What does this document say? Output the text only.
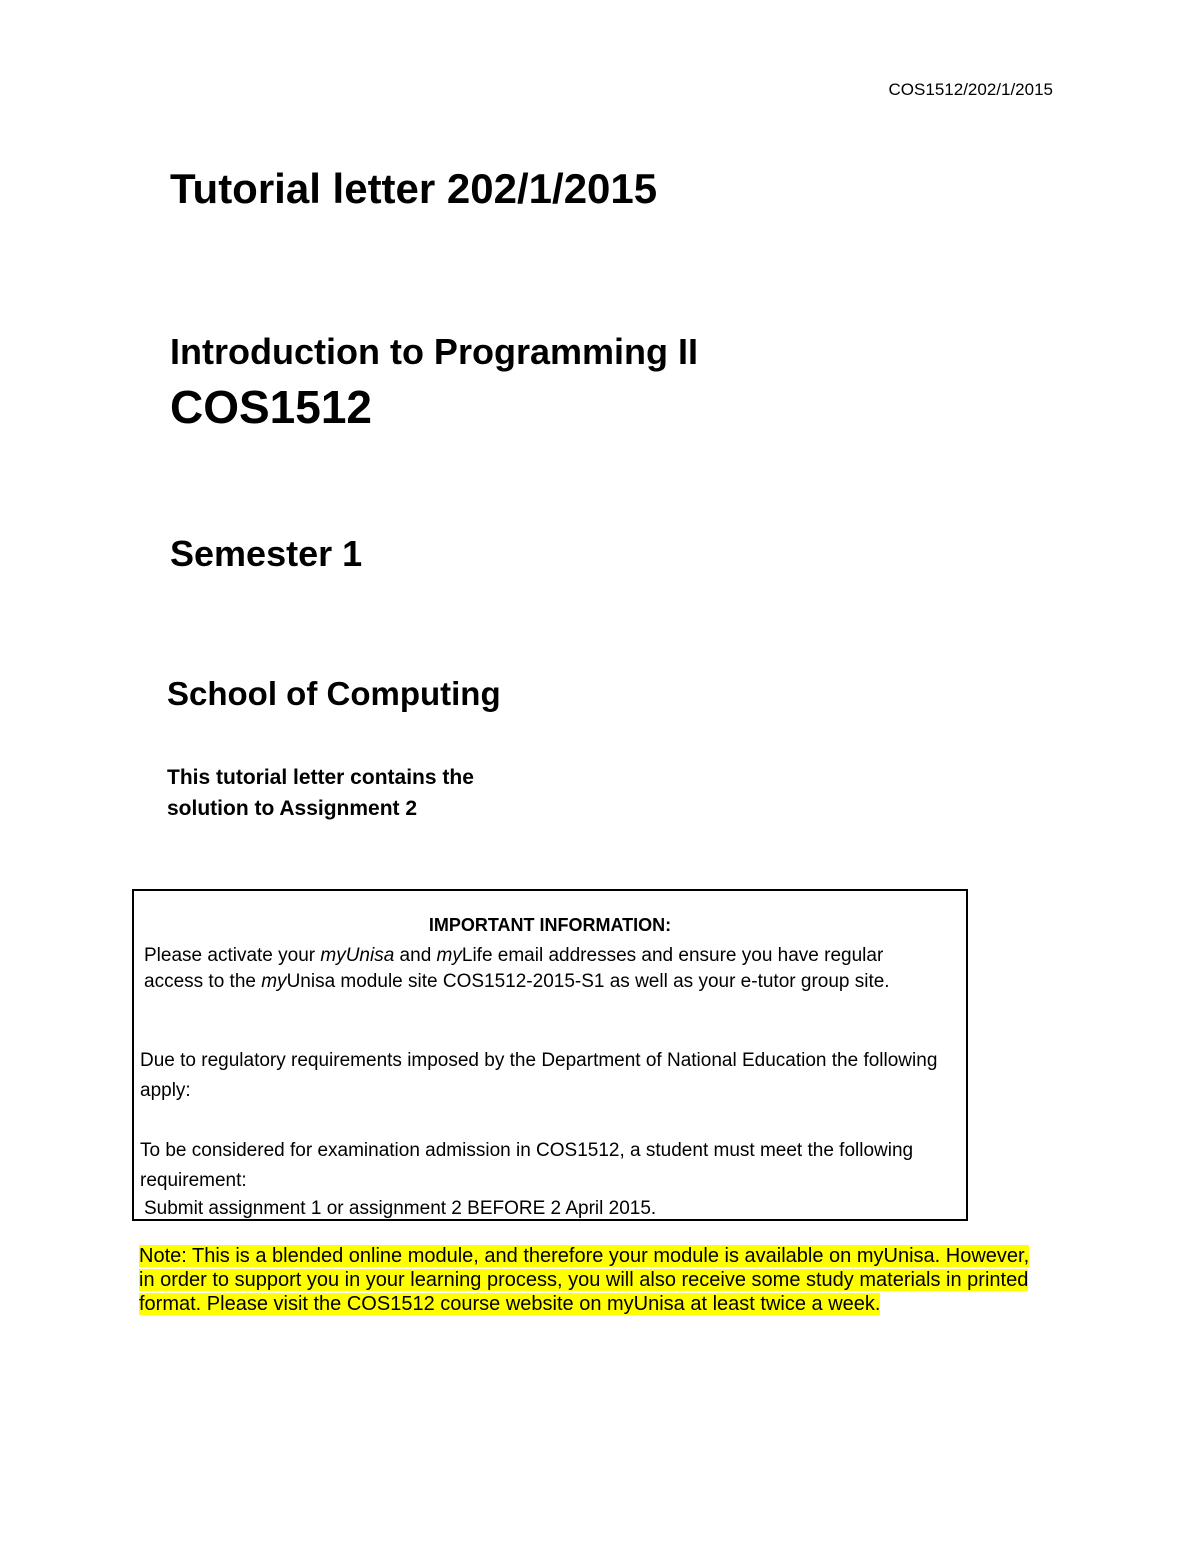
COS1512/202/1/2015

Tutorial letter 202/1/2015
Introduction to Programming II
COS1512
Semester 1
School of Computing
This tutorial letter contains the
solution to Assignment 2

IMPORTANT INFORMATION:

Please activate your myUnisa and myLife email addresses and ensure you have regular access to the myUnisa module site COS1512-2015-S1 as well as your e-tutor group site.

Due to regulatory requirements imposed by the Department of National Education the following apply:

To be considered for examination admission in COS1512, a student must meet the following requirement:

Submit assignment 1 or assignment 2 BEFORE 2 April 2015.

Note: This is a blended online module, and therefore your module is available on myUnisa. However, in order to support you in your learning process, you will also receive some study materials in printed format. Please visit the COS1512 course website on myUnisa at least twice a week.
